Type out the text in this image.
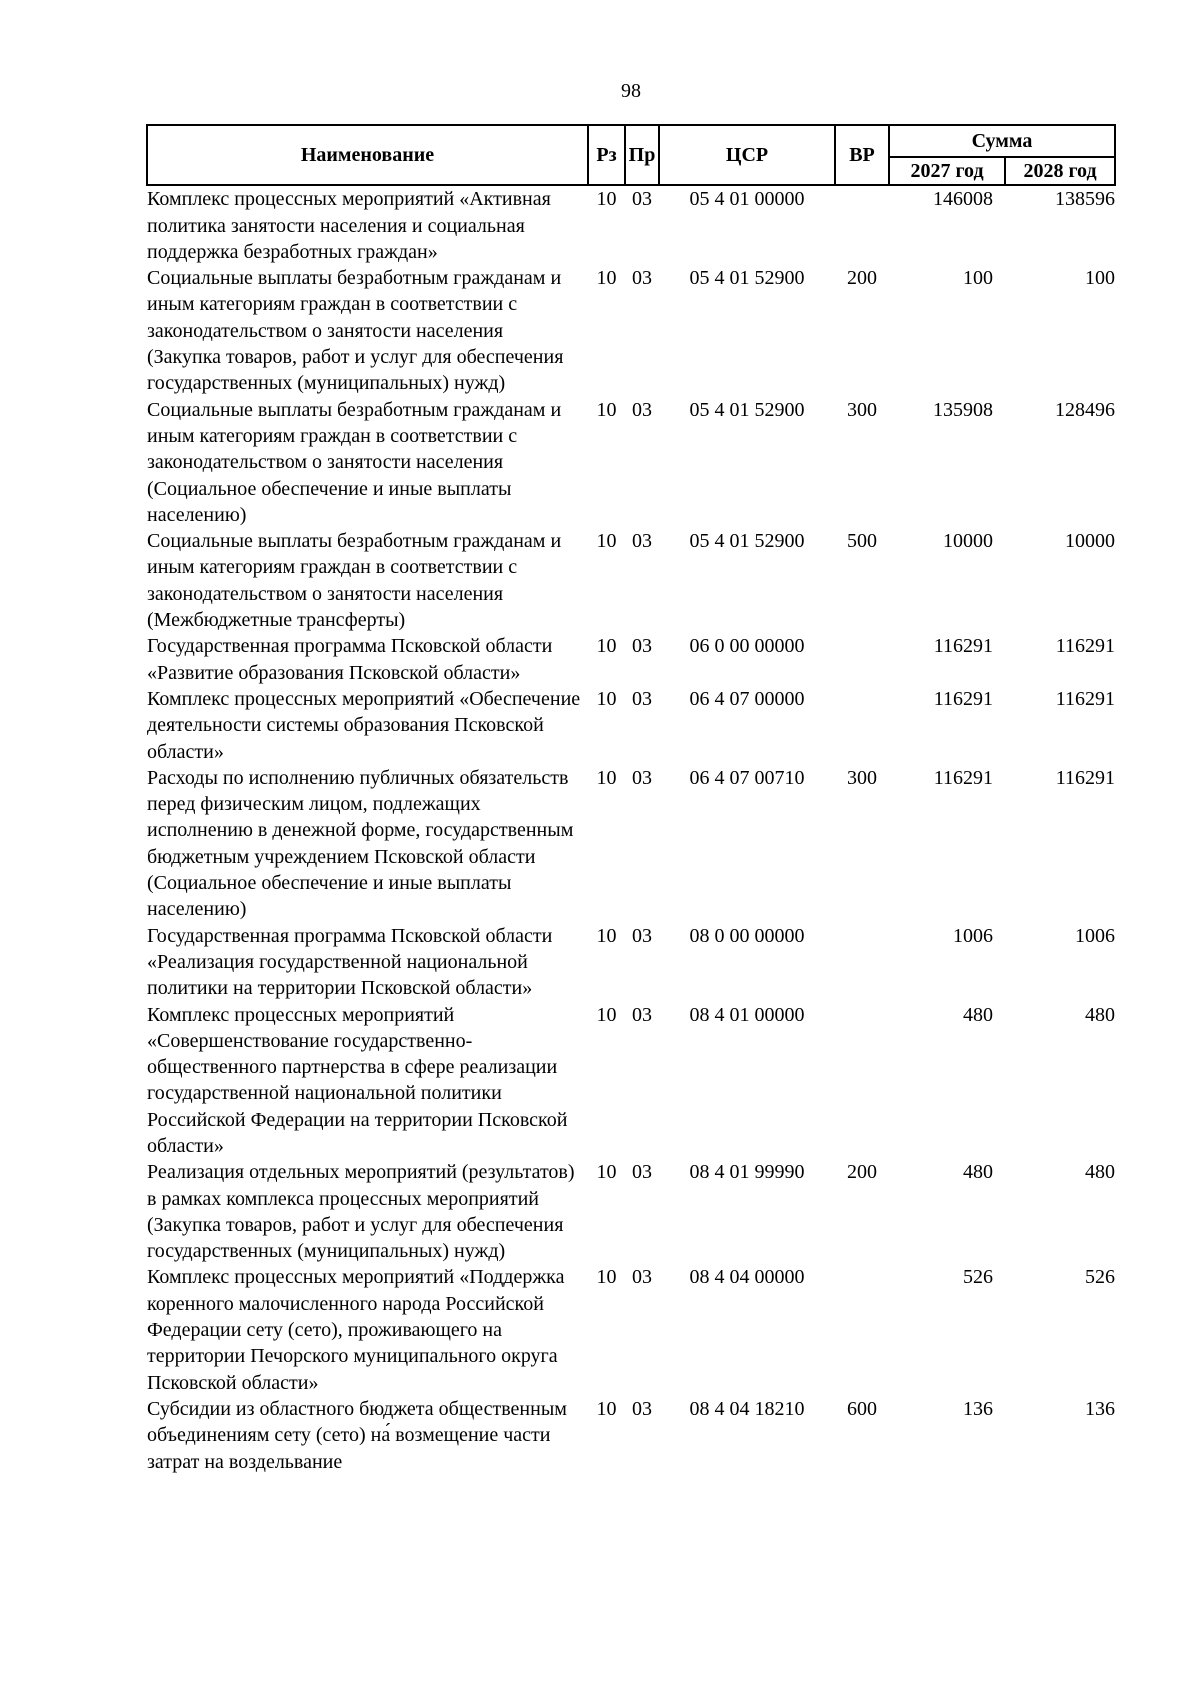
98
Наименование	Рз	Пр	ЦСР	ВР	Сумма	
					2027 год	2028 год
Комплекс процессных мероприятий «Активная политика занятости населения и социальная поддержка безработных граждан»	10	03	05 4 01 00000		146008	138596
Социальные выплаты безработным гражданам и иным категориям граждан в соответствии с законодательством о занятости населения (Закупка товаров, работ и услуг для обеспечения государственных (муниципальных) нужд)	10	03	05 4 01 52900	200	100	100
Социальные выплаты безработным гражданам и иным категориям граждан в соответствии с законодательством о занятости населения (Социальное обеспечение и иные выплаты населению)	10	03	05 4 01 52900	300	135908	128496
Социальные выплаты безработным гражданам и иным категориям граждан в соответствии с законодательством о занятости населения (Межбюджетные трансферты)	10	03	05 4 01 52900	500	10000	10000
Государственная программа Псковской области «Развитие образования Псковской области»	10	03	06 0 00 00000		116291	116291
Комплекс процессных мероприятий «Обеспечение деятельности системы образования Псковской области»	10	03	06 4 07 00000		116291	116291
Расходы по исполнению публичных обязательств перед физическим лицом, подлежащих исполнению в денежной форме, государственным бюджетным учреждением Псковской области (Социальное обеспечение и иные выплаты населению)	10	03	06 4 07 00710	300	116291	116291
Государственная программа Псковской области «Реализация государственной национальной политики на территории Псковской области»	10	03	08 0 00 00000		1006	1006
Комплекс процессных мероприятий «Совершенствование государственно-общественного партнерства в сфере реализации государственной национальной политики Российской Федерации на территории Псковской области»	10	03	08 4 01 00000		480	480
Реализация отдельных мероприятий (результатов) в рамках комплекса процессных мероприятий (Закупка товаров, работ и услуг для обеспечения государственных (муниципальных) нужд)	10	03	08 4 01 99990	200	480	480
Комплекс процессных мероприятий «Поддержка коренного малочисленного народа Российской Федерации сету (сето), проживающего на территории Печорского муниципального округа Псковской области»	10	03	08 4 04 00000		526	526
Субсидии из областного бюджета общественным объединениям сету (сето) на́ возмещение части затрат на воздельвание	10	03	08 4 04 18210	600	136	136
